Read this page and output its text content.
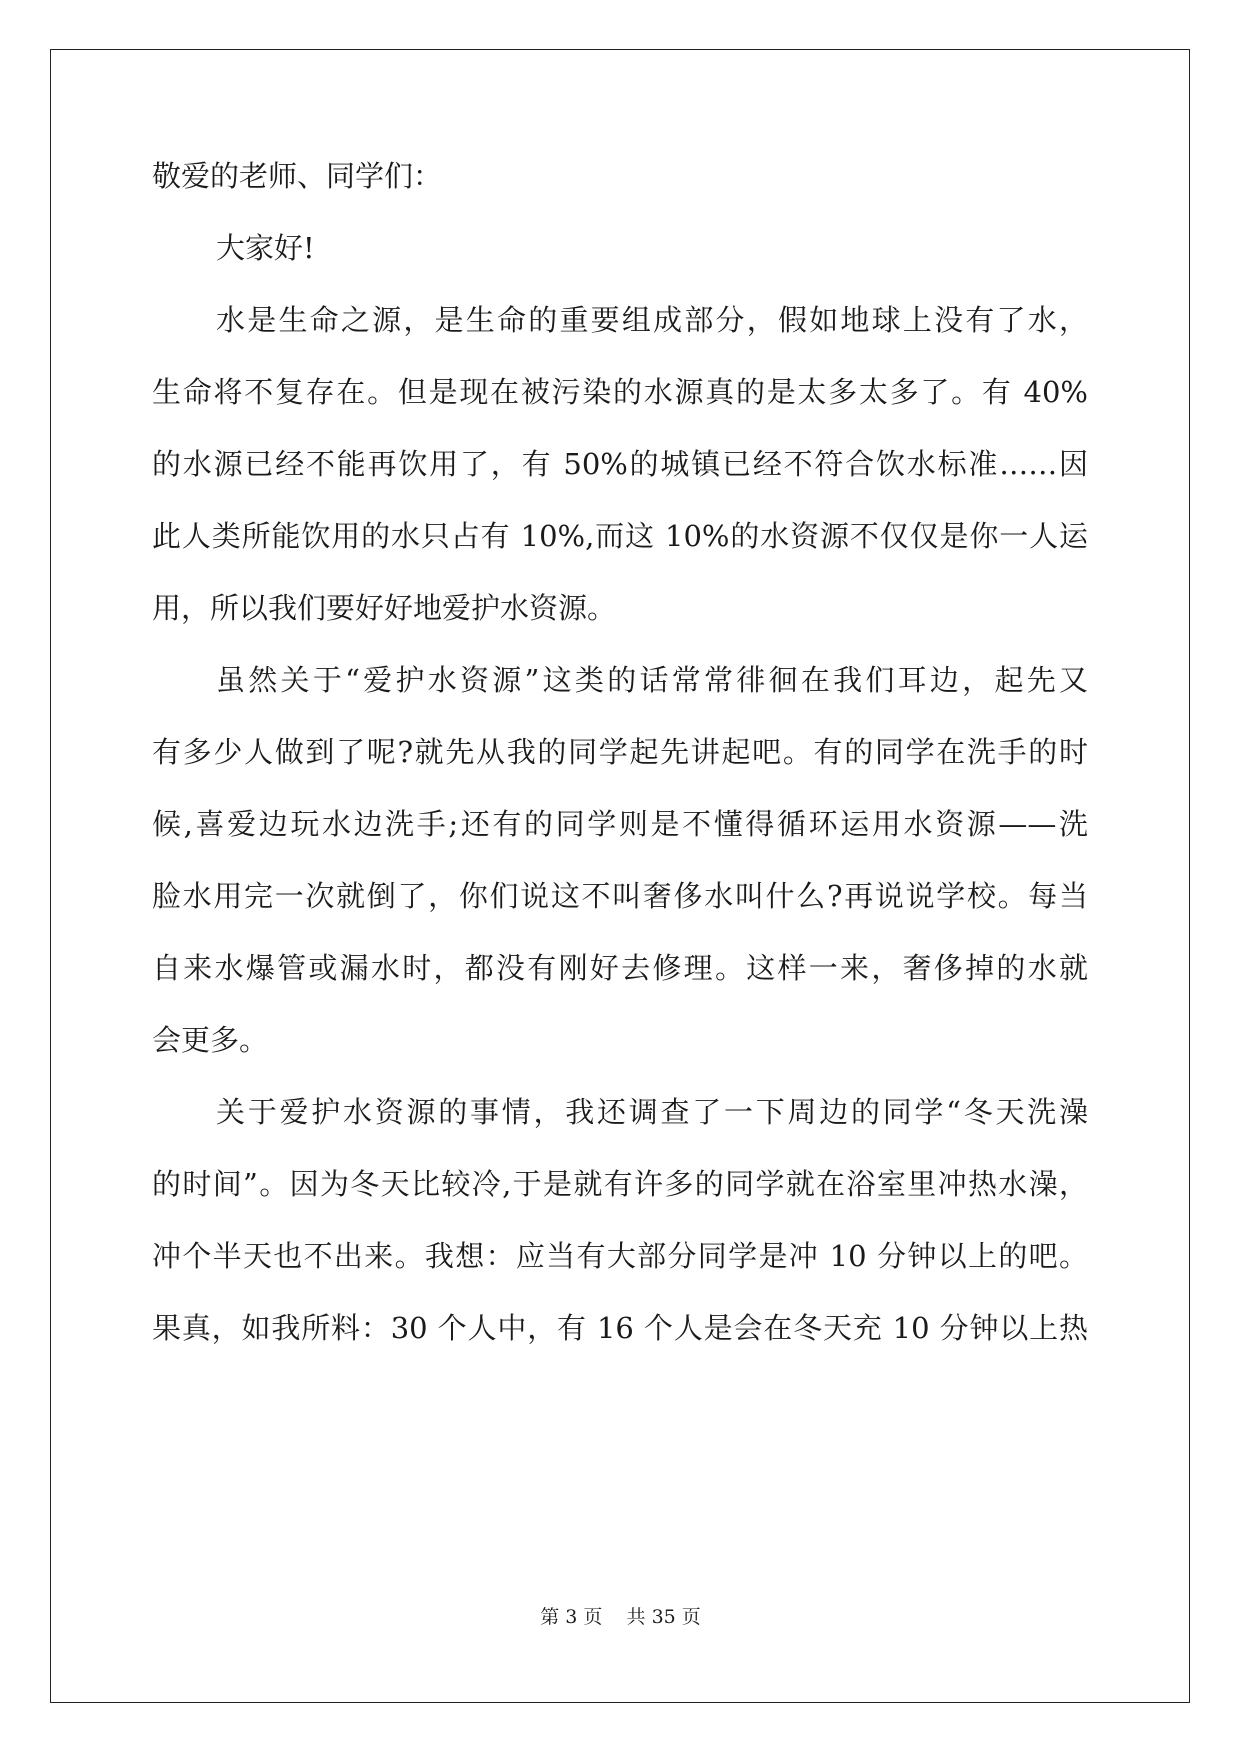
敬爱的老师、同学们：
大家好!
水是生命之源，是生命的重要组成部分，假如地球上没有了水，
生命将不复存在。但是现在被污染的水源真的是太多太多了。有 40%
的水源已经不能再饮用了，有 50%的城镇已经不符合饮水标准……因
此人类所能饮用的水只占有 10%,而这 10%的水资源不仅仅是你一人运
用，所以我们要好好地爱护水资源。
虽然关于“爱护水资源”这类的话常常徘徊在我们耳边，起先又
有多少人做到了呢?就先从我的同学起先讲起吧。有的同学在洗手的时
候,喜爱边玩水边洗手;还有的同学则是不懂得循环运用水资源——洗
脸水用完一次就倒了，你们说这不叫奢侈水叫什么?再说说学校。每当
自来水爆管或漏水时，都没有刚好去修理。这样一来，奢侈掉的水就
会更多。
关于爱护水资源的事情，我还调查了一下周边的同学“冬天洗澡
的时间”。因为冬天比较冷,于是就有许多的同学就在浴室里冲热水澡，
冲个半天也不出来。我想：应当有大部分同学是冲 10 分钟以上的吧。
果真，如我所料：30 个人中，有 16 个人是会在冬天充 10 分钟以上热
第 3 页    共 35 页
